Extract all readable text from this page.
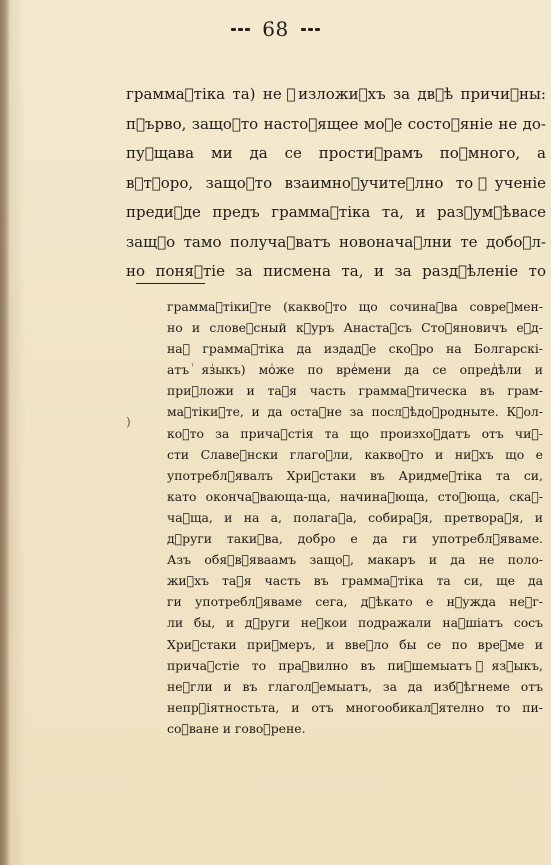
68
граммаꙶтіка та) не ꙶизложиꙶхъ за двꙶѣ причиꙶны:
пꙶърво, защоꙶто настоꙶящее моꙶе состоꙶяніе не до-
пуꙶщава ми да се простиꙶрамъ поꙶмного, а
вꙶтꙶоро, защоꙶто взаимноꙶучитеꙶлно то ꙶученіе
предиꙶде предъ граммаꙶтіка та, и разꙶумꙶѣвасе
защꙶо тамо получаꙶватъ новоначаꙶлни те добоꙶл-
но поняꙶтіе за писмена та, и за раздꙶѣленіе то
)
граммаꙶтікиꙶте (каквоꙶто що сочинаꙶва совреꙶмен-
но и словеꙶсный кꙶуръ Анастаꙶсъ Стоꙶяновичъ еꙶд-
наꙶ граммаꙶтіка да издадꙶе скоꙶро на Болгарскі-
атъ ꙶязꙶыкъ) моꙶже по вреꙶмени да се опредꙶѣли и
приꙶложи и таꙶя часть граммаꙶтическа въ грам-
маꙶтікиꙶте, и да остаꙶне за послꙶѣдоꙶродныте. Кꙶол-
коꙶто за причаꙶстія та що произхоꙶдатъ отъ чиꙶ-
сти Славеꙶнски глагоꙶли, каквоꙶто и ниꙶхъ що е
употреблꙶявалъ Хриꙶстаки въ Аридмеꙶтіка та си,
като окончаꙶвающа-ща, начинаꙶюща, стоꙶюща, скаꙶ-
чаꙶща, и на а, полагаꙶа, собираꙶя, претвораꙶя, и
дꙶруги такиꙶва, добро е да ги употреблꙶяваме.
Азъ обяꙶвꙶяваамъ защоꙶ, макаръ и да не поло-
жиꙶхъ таꙶя часть въ граммаꙶтіка та си, ще да
ги употреблꙶяваме сега, дꙶѣкато е нꙶужда неꙶг-
ли бы, и дꙶруги неꙶкои подражали наꙶшіатъ сосъ
Хриꙶстаки приꙶмеръ, и ввеꙶло бы се по вреꙶме и
причаꙶстіе то праꙶвилно въ пиꙶшемыатъ ꙶязꙶыкъ,
неꙶгли и въ глаголꙶемыатъ, за да избꙶѣгнеме отъ
непрꙶіятностьта, и отъ многообикалꙶятелно то пи-
соꙶване и говоꙶрене.
